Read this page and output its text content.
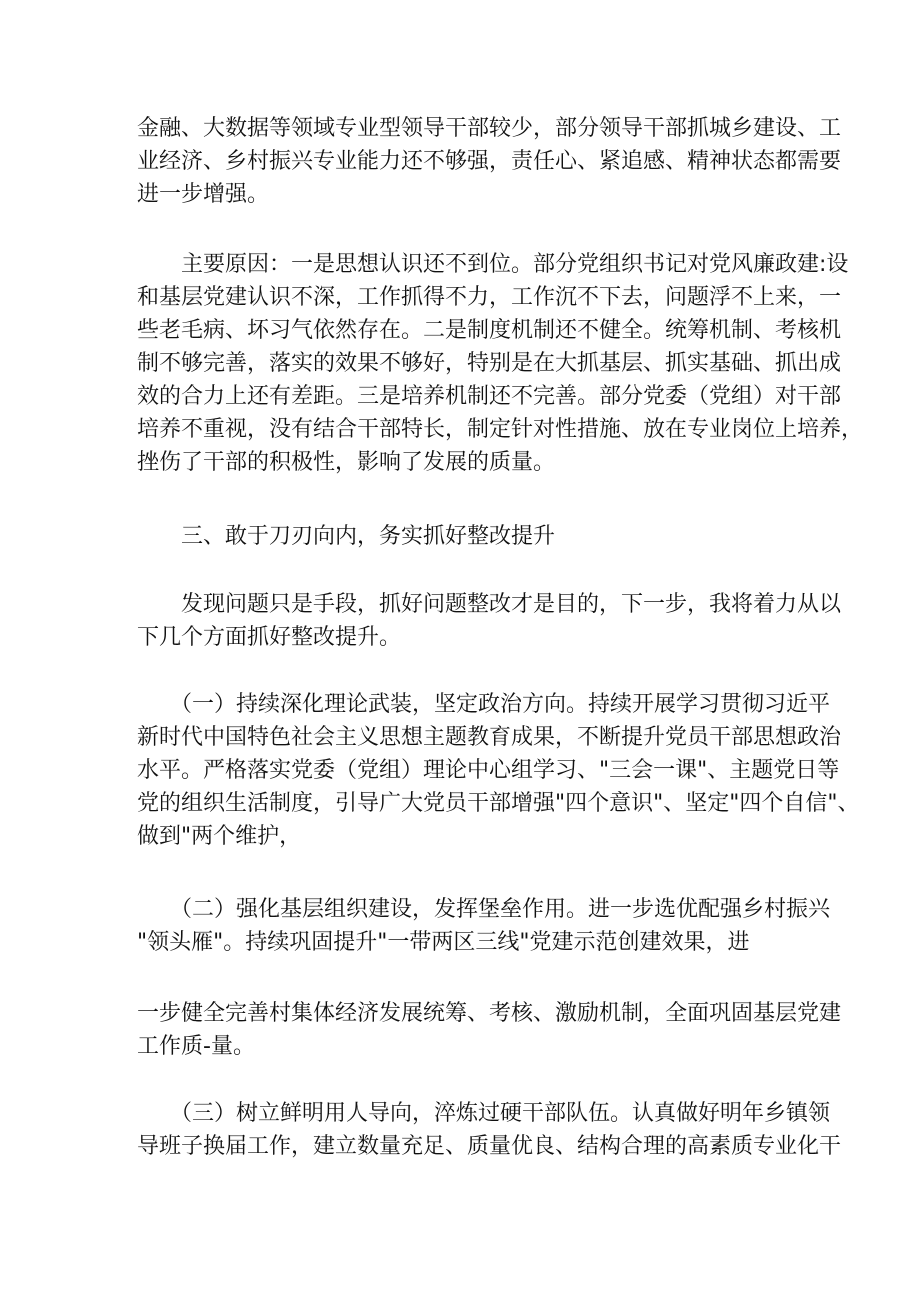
金融、大数据等领域专业型领导干部较少，部分领导干部抓城乡建设、工
业经济、乡村振兴专业能力还不够强，责任心、紧追感、精神状态都需要
进一步增强。
　　主要原因：一是思想认识还不到位。部分党组织书记对党风廉政建:设
和基层党建认识不深，工作抓得不力，工作沉不下去，问题浮不上来，一
些老毛病、坏习气依然存在。二是制度机制还不健全。统筹机制、考核机
制不够完善，落实的效果不够好，特别是在大抓基层、抓实基础、抓出成
效的合力上还有差距。三是培养机制还不完善。部分党委（党组）对干部
培养不重视，没有结合干部特长，制定针对性措施、放在专业岗位上培养，
挫伤了干部的积极性，影响了发展的质量。
　　三、敢于刀刃向内，务实抓好整改提升
　　发现问题只是手段，抓好问题整改才是目的，下一步，我将着力从以
下几个方面抓好整改提升。
　　（一）持续深化理论武装，坚定政治方向。持续开展学习贯彻习近平
新时代中国特色社会主义思想主题教育成果，不断提升党员干部思想政治
水平。严格落实党委（党组）理论中心组学习、"三会一课"、主题党日等
党的组织生活制度，引导广大党员干部增强"四个意识"、坚定"四个自信"、
做到"两个维护，
　　（二）强化基层组织建设，发挥堡垒作用。进一步选优配强乡村振兴
"领头雁"。持续巩固提升"一带两区三线"党建示范创建效果，进
一步健全完善村集体经济发展统筹、考核、激励机制，全面巩固基层党建
工作质-量。
　　（三）树立鲜明用人导向，淬炼过硬干部队伍。认真做好明年乡镇领
导班子换届工作，建立数量充足、质量优良、结构合理的高素质专业化干
